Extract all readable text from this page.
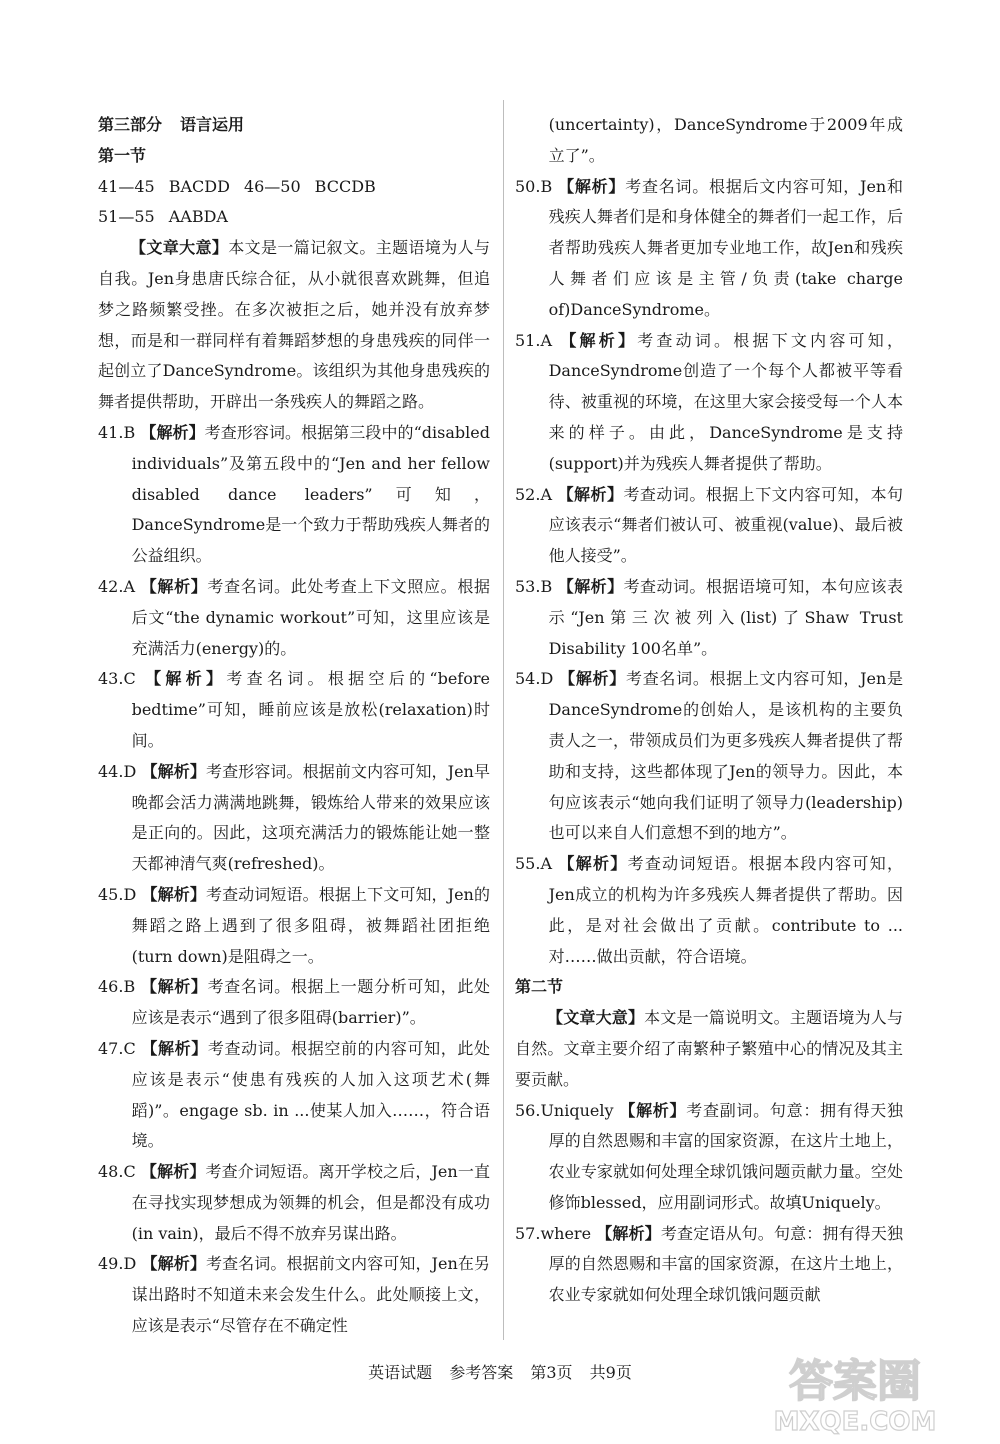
第三部分 语言运用
第一节
41—45 BACDD 46—50 BCCDB
51—55 AABDA
【文章大意】本文是一篇记叙文。主题语境为人与自我。Jen身患唐氏综合征，从小就很喜欢跳舞，但追梦之路频繁受挫。在多次被拒之后，她并没有放弃梦想，而是和一群同样有着舞蹈梦想的身患残疾的同伴一起创立了DanceSyndrome。该组织为其他身患残疾的舞者提供帮助，开辟出一条残疾人的舞蹈之路。
41.B 【解析】考查形容词。根据第三段中的“disabled individuals”及第五段中的“Jen and her fellow disabled dance leaders”可知，DanceSyndrome是一个致力于帮助残疾人舞者的公益组织。
42.A 【解析】考查名词。此处考查上下文照应。根据后文“the dynamic workout”可知，这里应该是充满活力(energy)的。
43.C 【解析】考查名词。根据空后的“before bedtime”可知，睡前应该是放松(relaxation)时间。
44.D 【解析】考查形容词。根据前文内容可知，Jen早晚都会活力满满地跳舞，锻炼给人带来的效果应该是正向的。因此，这项充满活力的锻炼能让她一整天都神清气爽(refreshed)。
45.D 【解析】考查动词短语。根据上下文可知，Jen的舞蹈之路上遇到了很多阻碍，被舞蹈社团拒绝(turn down)是阻碍之一。
46.B 【解析】考查名词。根据上一题分析可知，此处应该是表示“遇到了很多阻碍(barrier)”。
47.C 【解析】考查动词。根据空前的内容可知，此处应该是表示“使患有残疾的人加入这项艺术(舞蹈)”。engage sb. in ...使某人加入……，符合语境。
48.C 【解析】考查介词短语。离开学校之后，Jen一直在寻找实现梦想成为领舞的机会，但是都没有成功(in vain)，最后不得不放弃另谋出路。
49.D 【解析】考查名词。根据前文内容可知，Jen在另谋出路时不知道未来会发生什么。此处顺接上文，应该是表示“尽管存在不确定性
(uncertainty)，DanceSyndrome于2009年成立了”。
50.B 【解析】考查名词。根据后文内容可知，Jen和残疾人舞者们是和身体健全的舞者们一起工作，后者帮助残疾人舞者更加专业地工作，故Jen和残疾人舞者们应该是主管/负责(take charge of)DanceSyndrome。
51.A 【解析】考查动词。根据下文内容可知，DanceSyndrome创造了一个每个人都被平等看待、被重视的环境，在这里大家会接受每一个人本来的样子。由此，DanceSyndrome是支持(support)并为残疾人舞者提供了帮助。
52.A 【解析】考查动词。根据上下文内容可知，本句应该表示“舞者们被认可、被重视(value)、最后被他人接受”。
53.B 【解析】考查动词。根据语境可知，本句应该表示“Jen第三次被列入(list)了Shaw Trust Disability 100名单”。
54.D 【解析】考查名词。根据上文内容可知，Jen是DanceSyndrome的创始人，是该机构的主要负责人之一，带领成员们为更多残疾人舞者提供了帮助和支持，这些都体现了Jen的领导力。因此，本句应该表示“她向我们证明了领导力(leadership)也可以来自人们意想不到的地方”。
55.A 【解析】考查动词短语。根据本段内容可知，Jen成立的机构为许多残疾人舞者提供了帮助。因此，是对社会做出了贡献。contribute to ...对……做出贡献，符合语境。
第二节
【文章大意】本文是一篇说明文。主题语境为人与自然。文章主要介绍了南繁种子繁殖中心的情况及其主要贡献。
56.Uniquely 【解析】考查副词。句意：拥有得天独厚的自然恩赐和丰富的国家资源，在这片土地上，农业专家就如何处理全球饥饿问题贡献力量。空处修饰blessed，应用副词形式。故填Uniquely。
57.where 【解析】考查定语从句。句意：拥有得天独厚的自然恩赐和丰富的国家资源，在这片土地上，农业专家就如何处理全球饥饿问题贡献
英语试题 参考答案 第3页 共9页	答案圈
MXQE.COM
